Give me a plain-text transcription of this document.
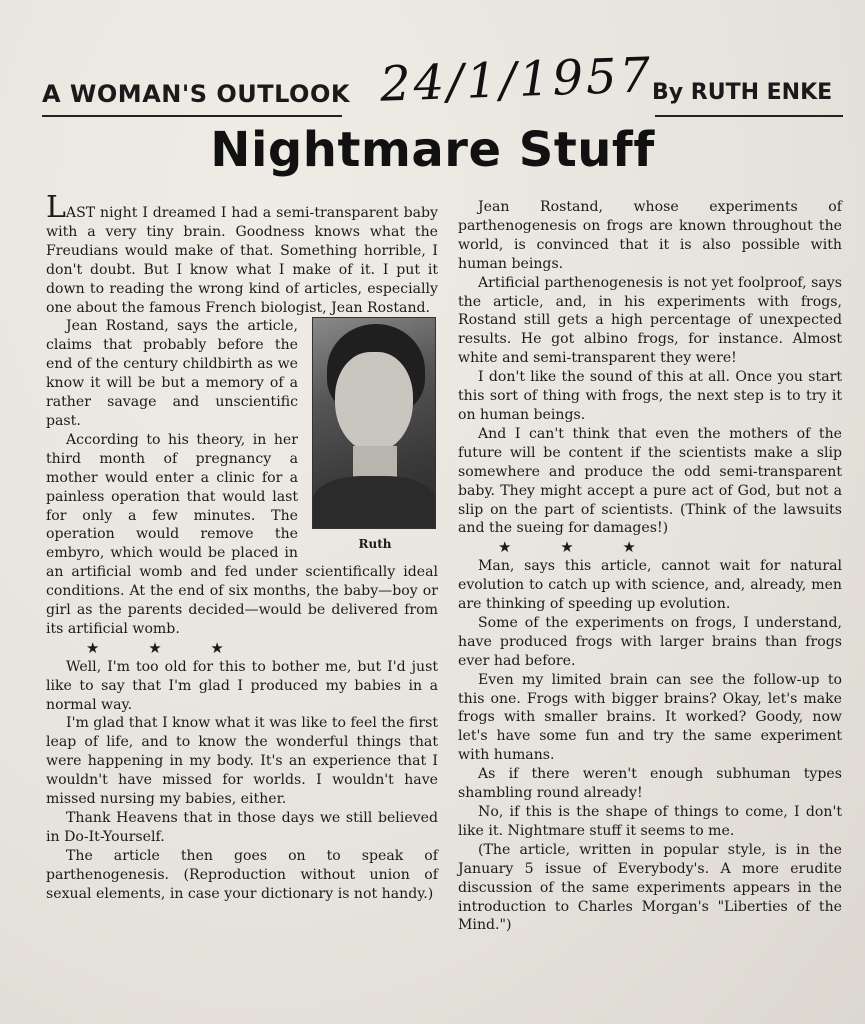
A WOMAN'S OUTLOOK 24/1/1957
By RUTH ENKE
Nightmare Stuff

LAST night I dreamed I had a semi-transparent baby with a very tiny brain. Goodness knows what the Freudians would make of that. Something horrible, I don't doubt. But I know what I make of it. I put it down to reading the wrong kind of articles, especially one about the famous French biologist, Jean Rostand.

Ruth

Jean Rostand, says the article, claims that probably before the end of the century childbirth as we know it will be but a memory of a rather savage and unscientific past.

According to his theory, in her third month of pregnancy a mother would enter a clinic for a painless operation that would last for only a few minutes. The operation would remove the embyro, which would be placed in an artificial womb and fed under scientifically ideal conditions. At the end of six months, the baby—boy or girl as the parents decided—would be delivered from its artificial womb.

★ ★ ★

Well, I'm too old for this to bother me, but I'd just like to say that I'm glad I produced my babies in a normal way.

I'm glad that I know what it was like to feel the first leap of life, and to know the wonderful things that were happening in my body. It's an experience that I wouldn't have missed for worlds. I wouldn't have missed nursing my babies, either.

Thank Heavens that in those days we still believed in Do-It-Yourself.

The article then goes on to speak of parthenogenesis. (Reproduction without union of sexual elements, in case your dictionary is not handy.)

Jean Rostand, whose experiments of parthenogenesis on frogs are known throughout the world, is convinced that it is also possible with human beings.

Artificial parthenogenesis is not yet foolproof, says the article, and, in his experiments with frogs, Rostand still gets a high percentage of unexpected results. He got albino frogs, for instance. Almost white and semi-transparent they were!

I don't like the sound of this at all. Once you start this sort of thing with frogs, the next step is to try it on human beings.

And I can't think that even the mothers of the future will be content if the scientists make a slip somewhere and produce the odd semi-transparent baby. They might accept a pure act of God, but not a slip on the part of scientists. (Think of the lawsuits and the sueing for damages!)

★ ★ ★

Man, says this article, cannot wait for natural evolution to catch up with science, and, already, men are thinking of speeding up evolution.

Some of the experiments on frogs, I understand, have produced frogs with larger brains than frogs ever had before.

Even my limited brain can see the follow-up to this one. Frogs with bigger brains? Okay, let's make frogs with smaller brains. It worked? Goody, now let's have some fun and try the same experiment with humans.

As if there weren't enough subhuman types shambling round already!

No, if this is the shape of things to come, I don't like it. Nightmare stuff it seems to me.

(The article, written in popular style, is in the January 5 issue of Everybody's. A more erudite discussion of the same experiments appears in the introduction to Charles Morgan's "Liberties of the Mind.")
